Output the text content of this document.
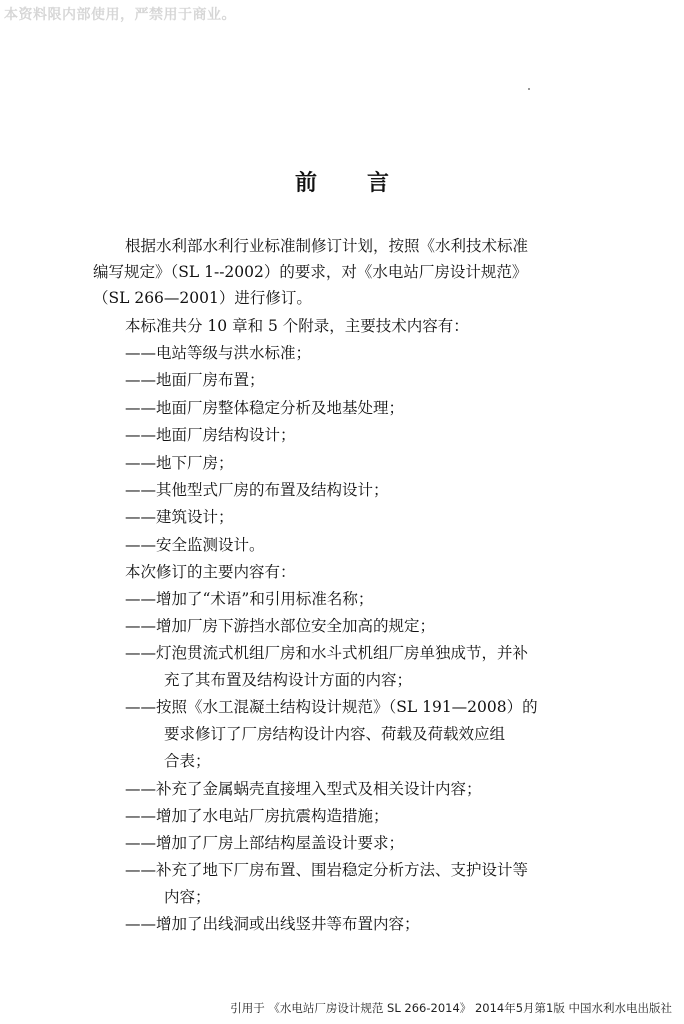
本资料限内部使用，严禁用于商业。
前 言
根据水利部水利行业标准制修订计划，按照《水利技术标准
编写规定》（SL 1--2002）的要求，对《水电站厂房设计规范》
（SL 266—2001）进行修订。
本标准共分 10 章和 5 个附录，主要技术内容有：
——电站等级与洪水标准；
——地面厂房布置；
——地面厂房整体稳定分析及地基处理；
——地面厂房结构设计；
——地下厂房；
——其他型式厂房的布置及结构设计；
——建筑设计；
——安全监测设计。
本次修订的主要内容有：
——增加了“术语”和引用标准名称；
——增加厂房下游挡水部位安全加高的规定；
——灯泡贯流式机组厂房和水斗式机组厂房单独成节，并补
充了其布置及结构设计方面的内容；
——按照《水工混凝土结构设计规范》（SL 191—2008）的
要求修订了厂房结构设计内容、荷载及荷载效应组
合表；
——补充了金属蜗壳直接埋入型式及相关设计内容；
——增加了水电站厂房抗震构造措施；
——增加了厂房上部结构屋盖设计要求；
——补充了地下厂房布置、围岩稳定分析方法、支护设计等
内容；
——增加了出线洞或出线竖井等布置内容；
引用于 《水电站厂房设计规范 SL 266-2014》 2014年5月第1版 中国水利水电出版社
